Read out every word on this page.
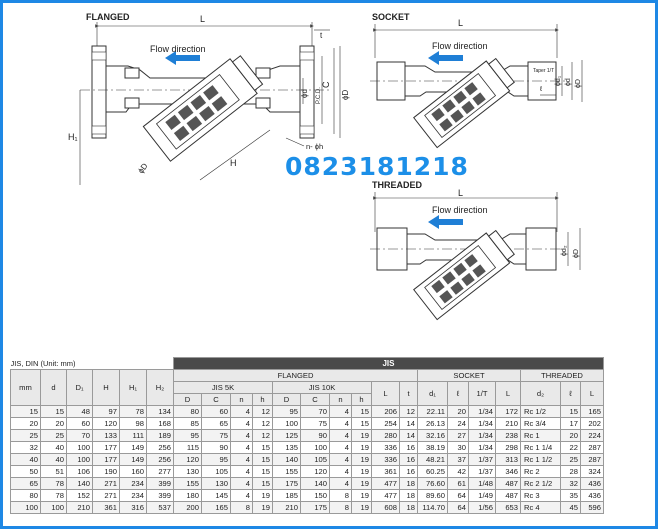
FLANGED	L
Flow direction
t
ϕd P.C.D.
C
ϕD
n- ϕh
H₁
ϕD	H
SOCKET
L
Flow direction
Taper 1/T
ℓ
ϕd₁ ϕd ϕD
THREADED
L
Flow direction
ϕd₂ ϕD
0823181218
JIS, DIN (Unit: mm)						JIS																
mm	d	D₁	H	H₁	H₂	FLANGED										SOCKET				THREADED		
						JIS 5K				JIS 10K				L	t	d₁	ℓ	1/T	L	d₂	ℓ	L
						D	C	n	h	D	C	n	h									
15	15	48	97	78	134	80	60	4	12	95	70	4	15	206	12	22.11	20	1/34	172	Rc 1/2	15	165
20	20	60	120	98	168	85	65	4	12	100	75	4	15	254	14	26.13	24	1/34	210	Rc 3/4	17	202
25	25	70	133	111	189	95	75	4	12	125	90	4	19	280	14	32.16	27	1/34	238	Rc 1	20	224
32	40	100	177	149	256	115	90	4	15	135	100	4	19	336	16	38.19	30	1/34	298	Rc 1 1/4	22	287
40	40	100	177	149	256	120	95	4	15	140	105	4	19	336	16	48.21	37	1/37	313	Rc 1 1/2	25	287
50	51	106	190	160	277	130	105	4	15	155	120	4	19	361	16	60.25	42	1/37	346	Rc 2	28	324
65	78	140	271	234	399	155	130	4	15	175	140	4	19	477	18	76.60	61	1/48	487	Rc 2 1/2	32	436
80	78	152	271	234	399	180	145	4	19	185	150	8	19	477	18	89.60	64	1/49	487	Rc 3	35	436
100	100	210	361	316	537	200	165	8	19	210	175	8	19	608	18	114.70	64	1/56	653	Rc 4	45	596
